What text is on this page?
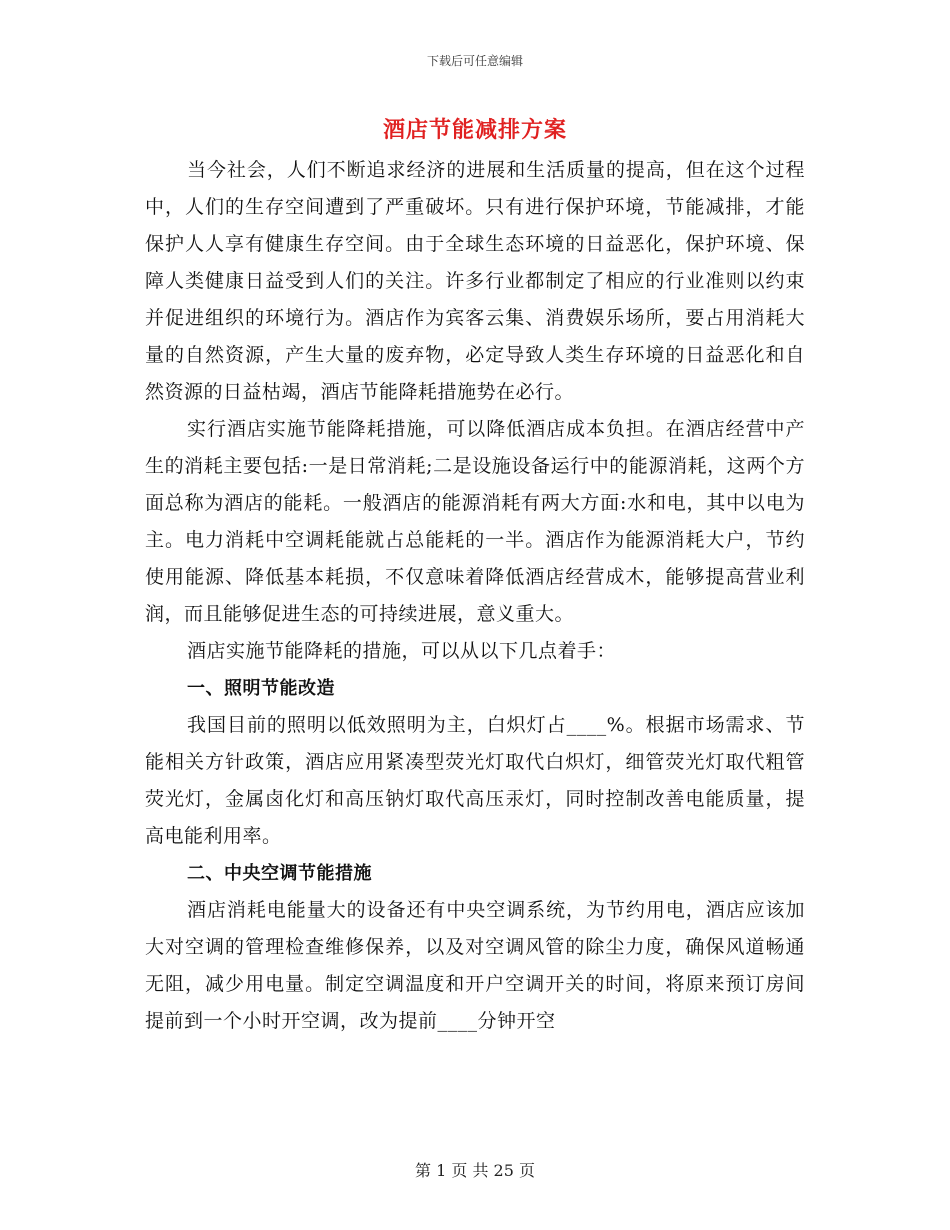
下载后可任意编辑
酒店节能减排方案

当今社会，人们不断追求经济的进展和生活质量的提高，但在这个过程中，人们的生存空间遭到了严重破坏。只有进行保护环境，节能减排，才能保护人人享有健康生存空间。由于全球生态环境的日益恶化，保护环境、保障人类健康日益受到人们的关注。许多行业都制定了相应的行业准则以约束并促进组织的环境行为。酒店作为宾客云集、消费娱乐场所，要占用消耗大量的自然资源，产生大量的废弃物，必定导致人类生存环境的日益恶化和自然资源的日益枯竭，酒店节能降耗措施势在必行。

实行酒店实施节能降耗措施，可以降低酒店成本负担。在酒店经营中产生的消耗主要包括:一是日常消耗;二是设施设备运行中的能源消耗，这两个方面总称为酒店的能耗。一般酒店的能源消耗有两大方面:水和电，其中以电为主。电力消耗中空调耗能就占总能耗的一半。酒店作为能源消耗大户，节约使用能源、降低基本耗损，不仅意味着降低酒店经营成木，能够提高营业利润，而且能够促进生态的可持续进展，意义重大。

酒店实施节能降耗的措施，可以从以下几点着手：

一、照明节能改造

我国目前的照明以低效照明为主，白炽灯占____%。根据市场需求、节能相关方针政策，酒店应用紧凑型荧光灯取代白炽灯，细管荧光灯取代粗管荧光灯，金属卤化灯和高压钠灯取代高压汞灯，同时控制改善电能质量，提高电能利用率。

二、中央空调节能措施

酒店消耗电能量大的设备还有中央空调系统，为节约用电，酒店应该加大对空调的管理检查维修保养，以及对空调风管的除尘力度，确保风道畅通无阻，减少用电量。制定空调温度和开户空调开关的时间，将原来预订房间提前到一个小时开空调，改为提前____分钟开空

第 1 页 共 25 页
